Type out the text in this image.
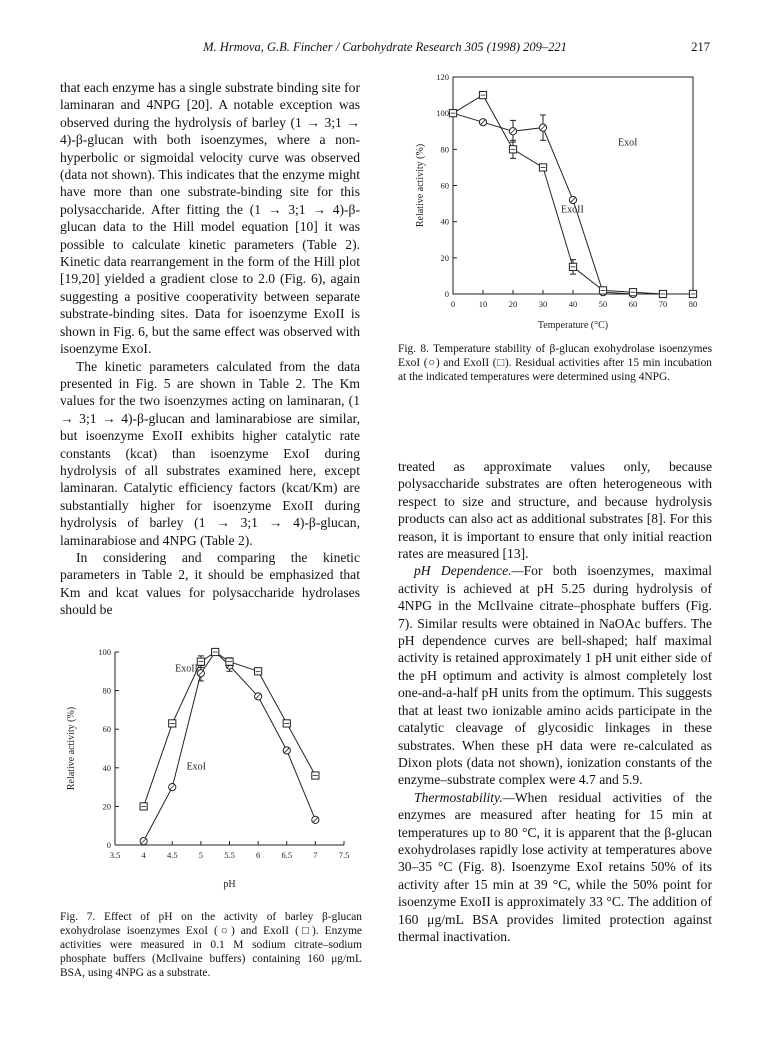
M. Hrmova, G.B. Fincher / Carbohydrate Research 305 (1998) 209–221	217

that each enzyme has a single substrate binding site for laminaran and 4NPG [20]. A notable exception was observed during the hydrolysis of barley (1 → 3;1 → 4)-β-glucan with both isoenzymes, where a non-hyperbolic or sigmoidal velocity curve was observed (data not shown). This indicates that the enzyme might have more than one substrate-binding site for this polysaccharide. After fitting the (1 → 3;1 → 4)-β-glucan data to the Hill model equation [10] it was possible to calculate kinetic parameters (Table 2). Kinetic data rearrangement in the form of the Hill plot [19,20] yielded a gradient close to 2.0 (Fig. 6), again suggesting a positive cooperativity between separate substrate-binding sites. Data for isoenzyme ExoII is shown in Fig. 6, but the same effect was observed with isoenzyme ExoI.

The kinetic parameters calculated from the data presented in Fig. 5 are shown in Table 2. The Km values for the two isoenzymes acting on laminaran, (1 → 3;1 → 4)-β-glucan and laminarabiose are similar, but isoenzyme ExoII exhibits higher catalytic rate constants (kcat) than isoenzyme ExoI during hydrolysis of all substrates examined here, except laminaran. Catalytic efficiency factors (kcat/Km) are substantially higher for isoenzyme ExoII during hydrolysis of barley (1 → 3;1 → 4)-β-glucan, laminarabiose and 4NPG (Table 2).

In considering and comparing the kinetic parameters in Table 2, it should be emphasized that Km and kcat values for polysaccharide hydrolases should be

0	10	20	30	40	50	60	70	80
0
20
40
60
80
100
120
Temperature (°C)
Relative activity (%)
ExoI
ExoII
Fig. 8. Temperature stability of β-glucan exohydrolase isoenzymes ExoI (○) and ExoII (□). Residual activities after 15 min incubation at the indicated temperatures were determined using 4NPG.

treated as approximate values only, because polysaccharide substrates are often heterogeneous with respect to size and structure, and because hydrolysis products can also act as additional substrates [8]. For this reason, it is important to ensure that only initial reaction rates are measured [13].

pH Dependence.—For both isoenzymes, maximal activity is achieved at pH 5.25 during hydrolysis of 4NPG in the McIlvaine citrate–phosphate buffers (Fig. 7). Similar results were obtained in NaOAc buffers. The pH dependence curves are bell-shaped; half maximal activity is retained approximately 1 pH unit either side of the pH optimum and activity is almost completely lost one-and-a-half pH units from the optimum. This suggests that at least two ionizable amino acids participate in the catalytic cleavage of glycosidic linkages in these substrates. When these pH data were re-calculated as Dixon plots (data not shown), ionization constants of the enzyme–substrate complex were 4.7 and 5.9.

Thermostability.—When residual activities of the enzymes are measured after heating for 15 min at temperatures up to 80 °C, it is apparent that the β-glucan exohydrolases rapidly lose activity at temperatures above 30–35 °C (Fig. 8). Isoenzyme ExoI retains 50% of its activity after 15 min at 39 °C, while the 50% point for isoenzyme ExoII is approximately 33 °C. The addition of 160 μg/mL BSA provides limited protection against thermal inactivation.

3.5 4 4.5 5 5.5 6 6.5 7 7.5
0
20
40
60
80
100
pH
Relative activity (%)
ExoII
ExoI
Fig. 7. Effect of pH on the activity of barley β-glucan exohydrolase isoenzymes ExoI (○) and ExoII (□). Enzyme activities were measured in 0.1 M sodium citrate–sodium phosphate buffers (McIlvaine buffers) containing 160 μg/mL BSA, using 4NPG as a substrate.
